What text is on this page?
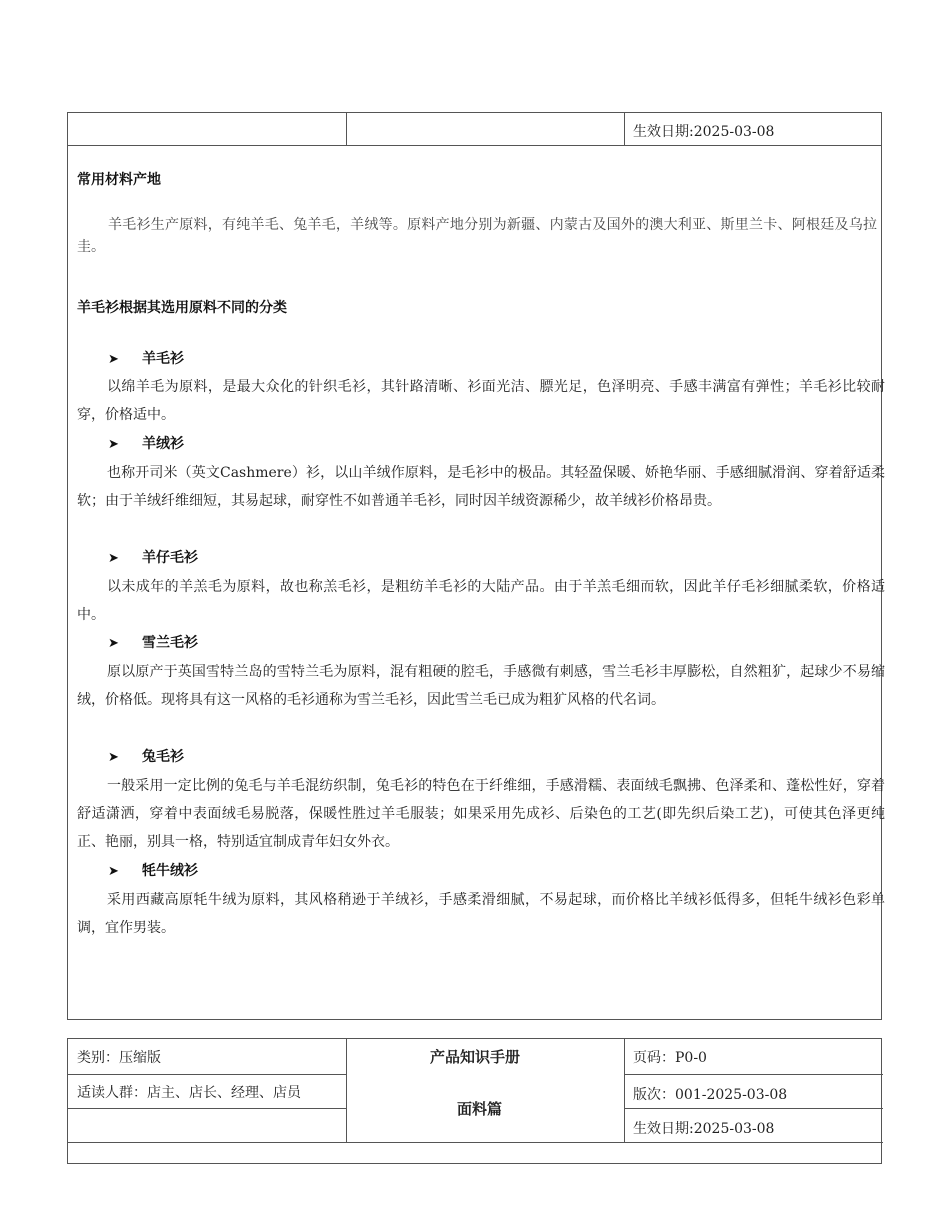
生效日期:2025-03-08
常用材料产地

羊毛衫生产原料，有纯羊毛、兔羊毛，羊绒等。原料产地分别为新疆、内蒙古及国外的澳大利亚、斯里兰卡、阿根廷及乌拉圭。

羊毛衫根据其选用原料不同的分类
➤ 羊毛衫

以绵羊毛为原料，是最大众化的针织毛衫，其针路清晰、衫面光洁、膘光足，色泽明亮、手感丰满富有弹性；羊毛衫比较耐穿，价格适中。

➤ 羊绒衫

也称开司米（英文Cashmere）衫，以山羊绒作原料，是毛衫中的极品。其轻盈保暖、娇艳华丽、手感细腻滑润、穿着舒适柔软；由于羊绒纤维细短，其易起球，耐穿性不如普通羊毛衫，同时因羊绒资源稀少，故羊绒衫价格昂贵。

➤ 羊仔毛衫

以未成年的羊羔毛为原料，故也称羔毛衫，是粗纺羊毛衫的大陆产品。由于羊羔毛细而软，因此羊仔毛衫细腻柔软，价格适中。

➤ 雪兰毛衫

原以原产于英国雪特兰岛的雪特兰毛为原料，混有粗硬的腔毛，手感微有刺感，雪兰毛衫丰厚膨松，自然粗犷，起球少不易缩绒，价格低。现将具有这一风格的毛衫通称为雪兰毛衫，因此雪兰毛已成为粗犷风格的代名词。

➤ 兔毛衫

一般采用一定比例的兔毛与羊毛混纺织制，兔毛衫的特色在于纤维细，手感滑糯、表面绒毛飘拂、色泽柔和、蓬松性好，穿着舒适潇洒，穿着中表面绒毛易脱落，保暖性胜过羊毛服装；如果采用先成衫、后染色的工艺(即先织后染工艺)，可使其色泽更纯正、艳丽，别具一格，特别适宜制成青年妇女外衣。

➤ 牦牛绒衫

采用西藏高原牦牛绒为原料，其风格稍逊于羊绒衫，手感柔滑细腻，不易起球，而价格比羊绒衫低得多，但牦牛绒衫色彩单调，宜作男装。

类别：压缩版	产品知识手册	页码：P0-0
适读人群：店主、店长、经理、店员
面料篇
版次：001-2025-03-08
生效日期:2025-03-08
